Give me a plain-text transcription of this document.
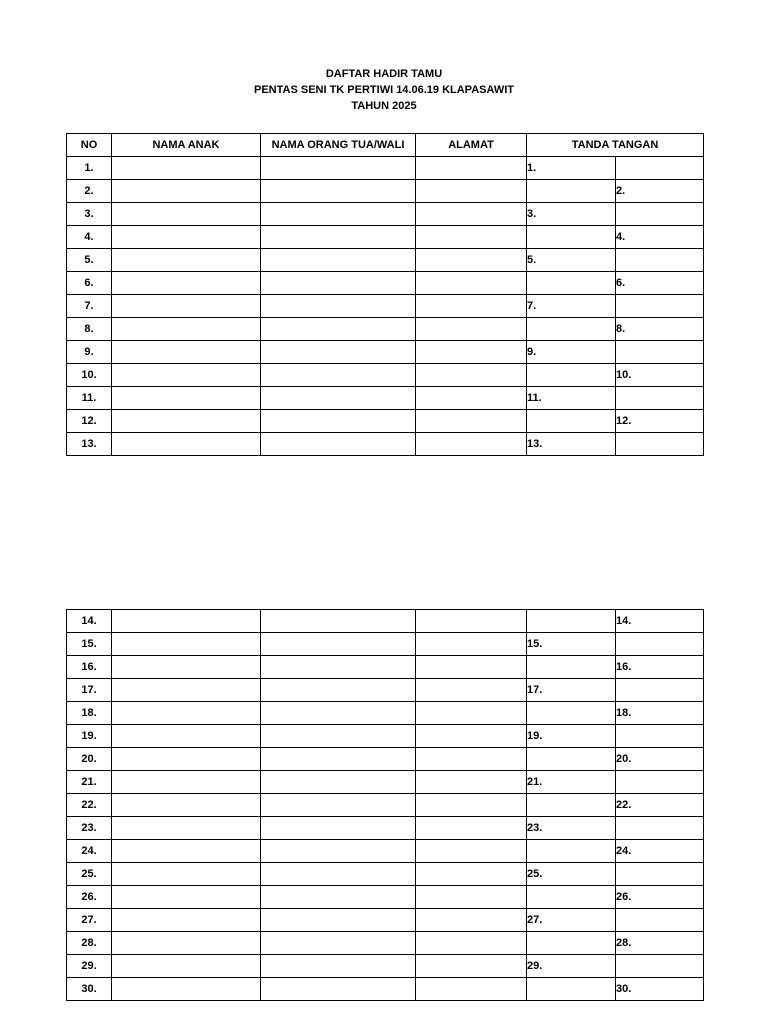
DAFTAR HADIR TAMU
PENTAS SENI TK PERTIWI 14.06.19 KLAPASAWIT
TAHUN 2025
NO	NAMA ANAK	NAMA ORANG TUA/WALI	ALAMAT	TANDA TANGAN	
1.				1.	
2.					2.
3.				3.	
4.					4.
5.				5.	
6.					6.
7.				7.	
8.					8.
9.				9.	
10.					10.
11.				11.	
12.					12.
13.				13.	
14.					14.
15.				15.	
16.					16.
17.				17.	
18.					18.
19.				19.	
20.					20.
21.				21.	
22.					22.
23.				23.	
24.					24.
25.				25.	
26.					26.
27.				27.	
28.					28.
29.				29.	
30.					30.
